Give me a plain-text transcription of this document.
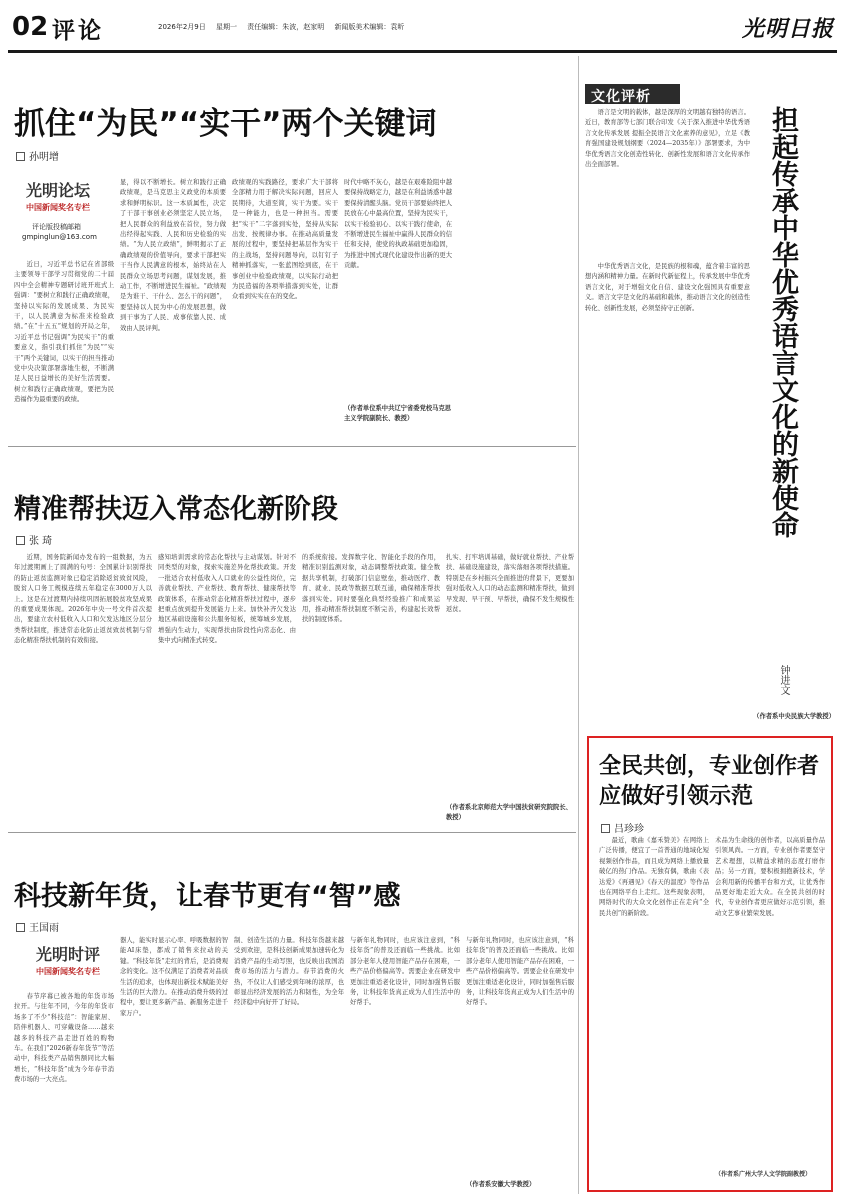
02 评论	2026年2月9日 星期一 责任编辑：朱波，赵家明 新闻版美术编辑：袁昕	光明日报
抓住“为民”“实干”两个关键词
孙明增
光明论坛
中国新闻奖名专栏
评论版投稿邮箱
gmpinglun@163.com
近日，习近平总书记在省部级主要领导干部学习贯彻党的二十届四中全会精神专题研讨班开班式上强调：“要树立和践行正确政绩观，坚持以实际的发展成果、为民实干，以人民满意为标准来检验政绩。”在“十五五”规划的开局之年，习近平总书记强调“为民实干”的重要意义，指引我们抓住“为民”“实干”两个关键词，以实干的担当推动党中央决策部署落地生根，不断满足人民日益增长的美好生活需要。树立和践行正确政绩观，要把为民造福作为最重要的政绩。
显，得以不断增长。树立和践行正确政绩观，是马克思主义政党的本质要求和鲜明标识。这一本质属性，决定了干部干事创业必须坚定人民立场，把人民群众的利益放在首位，努力做出经得起实践、人民和历史检验的实绩。“为人民立政绩”，鲜明揭示了正确政绩观的价值导向，要求干部把实干当作人民满意的根本，始终站在人民群众立场思考问题，谋划发展，推动工作，不断增进民生福祉。“政绩观是为谁干、干什么、怎么干的问题”，要坚持以人民为中心的发展思想，做到干事为了人民、成事依靠人民、成效由人民评判。
政绩观的实践路径，要求广大干部将全部精力用于解决实际问题，回应人民期待，大道至简，实干为要。实干是一种能力，也是一种担当。需要把“实干”二字落到实处，坚持从实际出发、按规律办事。在推动高质量发展的过程中，要坚持把基层作为实干的主战场，坚持问题导向，以钉钉子精神抓落实，一张蓝图绘到底，在干事创业中检验政绩观，以实际行动把为民造福的各项举措落到实处，让群众看到实实在在的变化。
时代中略不灰心，越是在艰难险阻中越要保持战略定力，越是在利益诱惑中越要保持清醒头脑。党员干部要始终把人民放在心中最高位置，坚持为民实干，以实干检验初心、以实干践行使命，在不断增进民生福祉中赢得人民群众的信任和支持，使党的执政基础更加稳固，为推进中国式现代化建设作出新的更大贡献。
（作者单位系中共辽宁省委党校马克思主义学院副院长、教授）
精准帮扶迈入常态化新阶段
张 琦
近期，国务院新闻办发布的一组数据，为五年过渡期画上了圆满的句号：全国累计识别帮扶的防止返贫监测对象已稳定消除返贫致贫风险，脱贫人口务工规模连续五年稳定在3000万人以上。这是在过渡期内持续巩固拓展脱贫攻坚成果的重要成果体现。2026年中央一号文件首次提出，要建立农村低收入人口和欠发达地区分层分类帮扶制度，推进常态化防止返贫致贫机制与常态化精准帮扶机制的有效衔接。
感知培训需求的常态化帮扶与主动谋划。针对不同类型的对象，探索实施差异化帮扶政策。开发一批适合农村低收入人口就业的公益性岗位，完善就业帮扶、产业帮扶、教育帮扶、健康帮扶等政策体系，在推动常态化精准帮扶过程中，逐步把重点放到提升发展能力上来。加快补齐欠发达地区基础设施和公共服务短板，统筹城乡发展，增强内生动力，实现帮扶由阶段性向常态化、由集中式向精准式转变。
的系统衔接。发挥数字化、智能化手段的作用，精准识别监测对象，动态调整帮扶政策。健全数据共享机制，打破部门信息壁垒，推动医疗、教育、就业、民政等数据互联互通，确保精准帮扶落到实处。同时要强化典型经验推广和成果运用，推动精准帮扶制度不断完善，构建起长效帮扶的制度体系。
扎实、打牢培训基础，做好就业帮扶、产业帮扶、基础设施建设，落实落细各项帮扶措施。特别是在乡村振兴全面推进的背景下，更要加强对低收入人口的动态监测和精准帮扶，做到早发现、早干预、早帮扶，确保不发生规模性返贫。
（作者系北京师范大学中国扶贫研究院院长、教授）
科技新年货，让春节更有“智”感
王国雨
光明时评
中国新闻奖名专栏
春节序幕已被各地的年货市场拉开。与往年不同，今年的年货市场多了不少“科技范”：智能家居、陪伴机器人、可穿戴设备……越来越多的科技产品走进百姓的购物车。在我们“2026新春年货节”等活动中，科技类产品销售额同比大幅增长，“科技年货”成为今年春节消费市场的一大亮点。
器人，能实时显示心率、呼吸数据的智能AI床垫，都成了销售来拉动的关键。“科技年货”走红的背后，是消费观念的变化。这不仅满足了消费者对品质生活的追求，也体现出新技术赋能美好生活的巨大潜力。在推动消费升级的过程中，要让更多新产品、新服务走进千家万户。
制、创造生活的力量。科技年货越来越受到欢迎，是科技创新成果加速转化为消费产品的生动写照，也反映出我国消费市场的活力与潜力。春节消费的火热，不仅让人们感受到年味的浓厚，也彰显出经济发展的活力和韧性，为全年经济稳中向好开了好局。
与新年礼物同时，也应该注意到，“科技年货”的普及还面临一些挑战。比如部分老年人使用智能产品存在困难，一些产品价格偏高等。需要企业在研发中更加注重适老化设计，同时加强售后服务，让科技年货真正成为人们生活中的好帮手。
与新年礼物同时，也应该注意到，“科技年货”的普及还面临一些挑战。比如部分老年人使用智能产品存在困难，一些产品价格偏高等。需要企业在研发中更加注重适老化设计，同时加强售后服务，让科技年货真正成为人们生活中的好帮手。
（作者系安徽大学教授）
文化评析
语言是文明的载体，越是深厚的文明越有独特的语言。近日，教育部等七部门联合印发《关于深入推进中华优秀语言文化传承发展 提振全民语言文化素养的意见》，立足《教育强国建设规划纲要（2024—2035年）》部署要求，为中华优秀语言文化创造性转化、创新性发展和语言文化传承作出全面部署。
中华优秀语言文化，是民族的根和魂，蕴含着丰富的思想内涵和精神力量。在新时代新征程上，传承发展中华优秀语言文化，对于增强文化自信、建设文化强国具有重要意义。语言文字是文化的基础和载体，推动语言文化的创造性转化、创新性发展，必须坚持守正创新。	担起传承中华优秀语言文化的新使命
钟进文
（作者系中央民族大学教授）
全民共创，专业创作者应做好引领示范
吕珍珍
最近，歌曲《嘉禾赞美》在网络上广泛传播，便宜了一首普通的地域化短视频创作作品，而且成为网络上播放量破亿的热门作品。无独有偶，歌曲《表达爱》《再遇见》《春天的温度》等作品也在网络平台上走红。这些现象表明，网络时代的大众文化创作正在走向“全民共创”的新阶段。
术品为生命线的创作者，以高质量作品引领风尚。一方面，专业创作者要坚守艺术理想，以精益求精的态度打磨作品；另一方面，要积极拥抱新技术，学会利用新的传播平台和方式，让优秀作品更好地走近大众。在全民共创的时代，专业创作者更应做好示范引领，推动文艺事业繁荣发展。
（作者系广州大学人文学院副教授）
